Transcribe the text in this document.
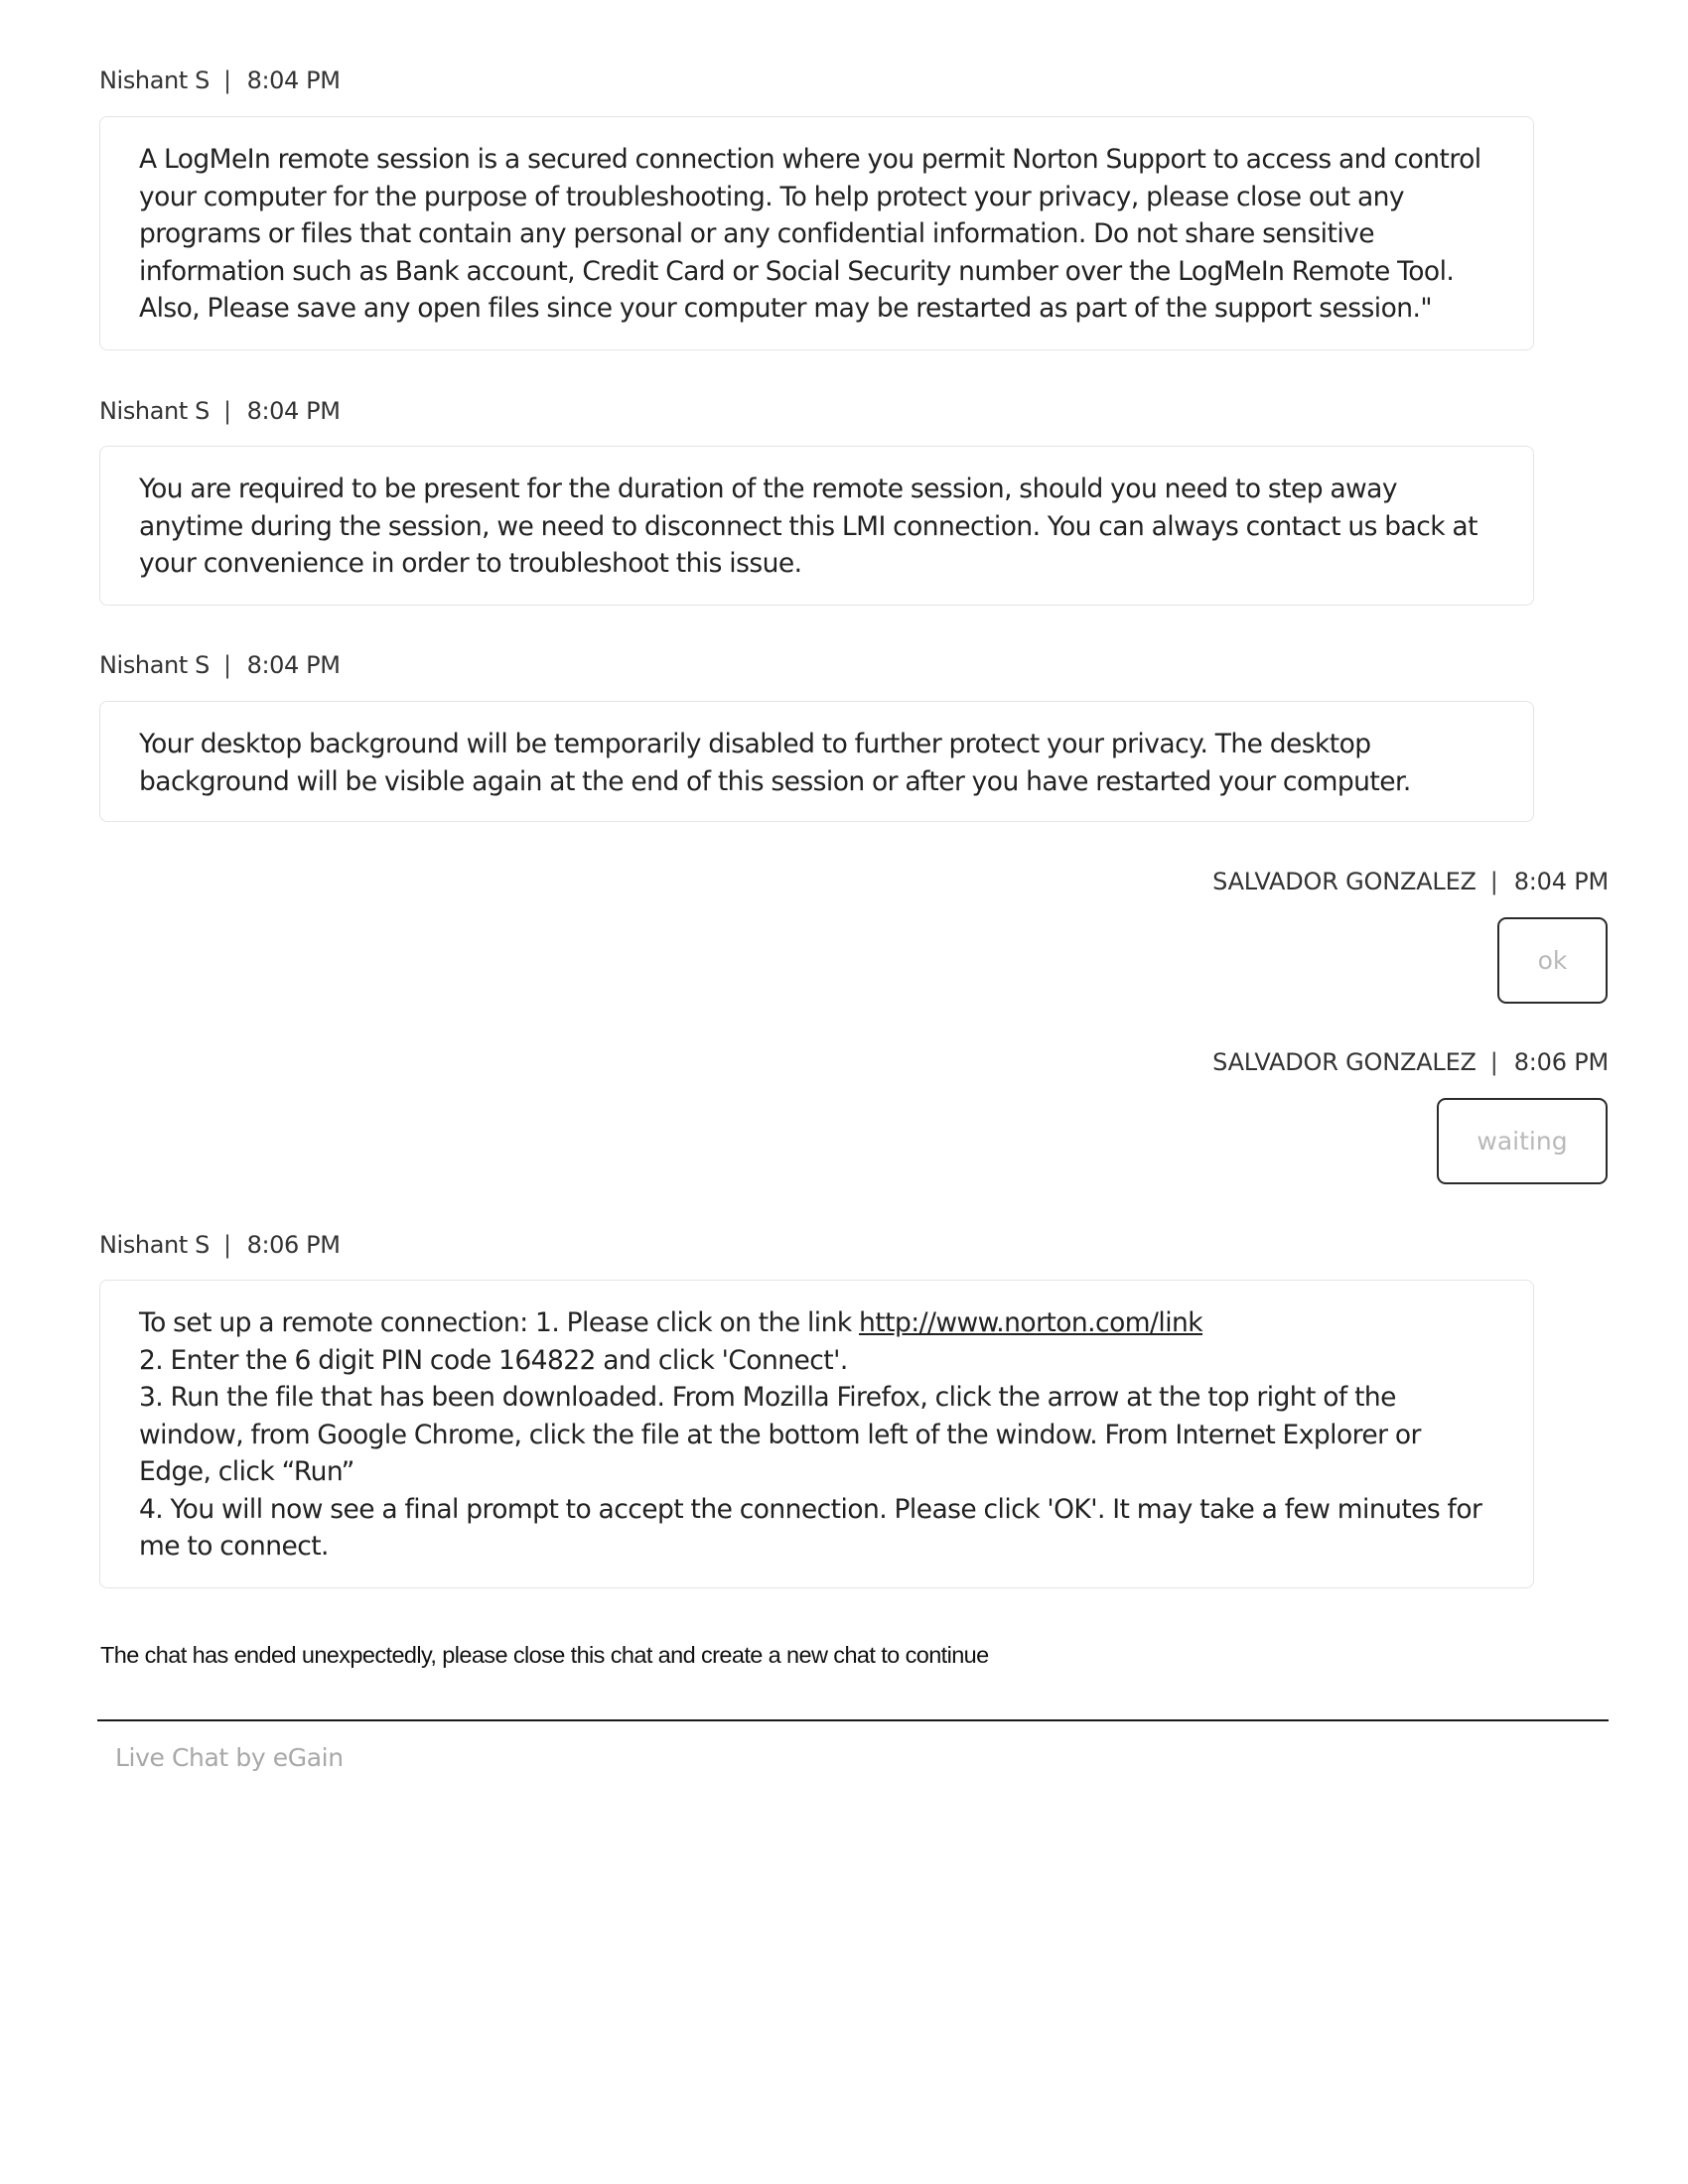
Nishant S | 8:04 PM
A LogMeIn remote session is a secured connection where you permit Norton Support to access and control
your computer for the purpose of troubleshooting. To help protect your privacy, please close out any
programs or files that contain any personal or any confidential information. Do not share sensitive
information such as Bank account, Credit Card or Social Security number over the LogMeIn Remote Tool.
Also, Please save any open files since your computer may be restarted as part of the support session."
Nishant S | 8:04 PM
You are required to be present for the duration of the remote session, should you need to step away
anytime during the session, we need to disconnect this LMI connection. You can always contact us back at
your convenience in order to troubleshoot this issue.
Nishant S | 8:04 PM
Your desktop background will be temporarily disabled to further protect your privacy. The desktop
background will be visible again at the end of this session or after you have restarted your computer.
SALVADOR GONZALEZ | 8:04 PM
ok
SALVADOR GONZALEZ | 8:06 PM
waiting
Nishant S | 8:06 PM
To set up a remote connection: 1. Please click on the link http://www.norton.com/link
2. Enter the 6 digit PIN code 164822 and click 'Connect'.
3. Run the file that has been downloaded. From Mozilla Firefox, click the arrow at the top right of the
window, from Google Chrome, click the file at the bottom left of the window. From Internet Explorer or
Edge, click “Run”
4. You will now see a final prompt to accept the connection. Please click 'OK'. It may take a few minutes for
me to connect.
The chat has ended unexpectedly, please close this chat and create a new chat to continue
Live Chat by eGain
